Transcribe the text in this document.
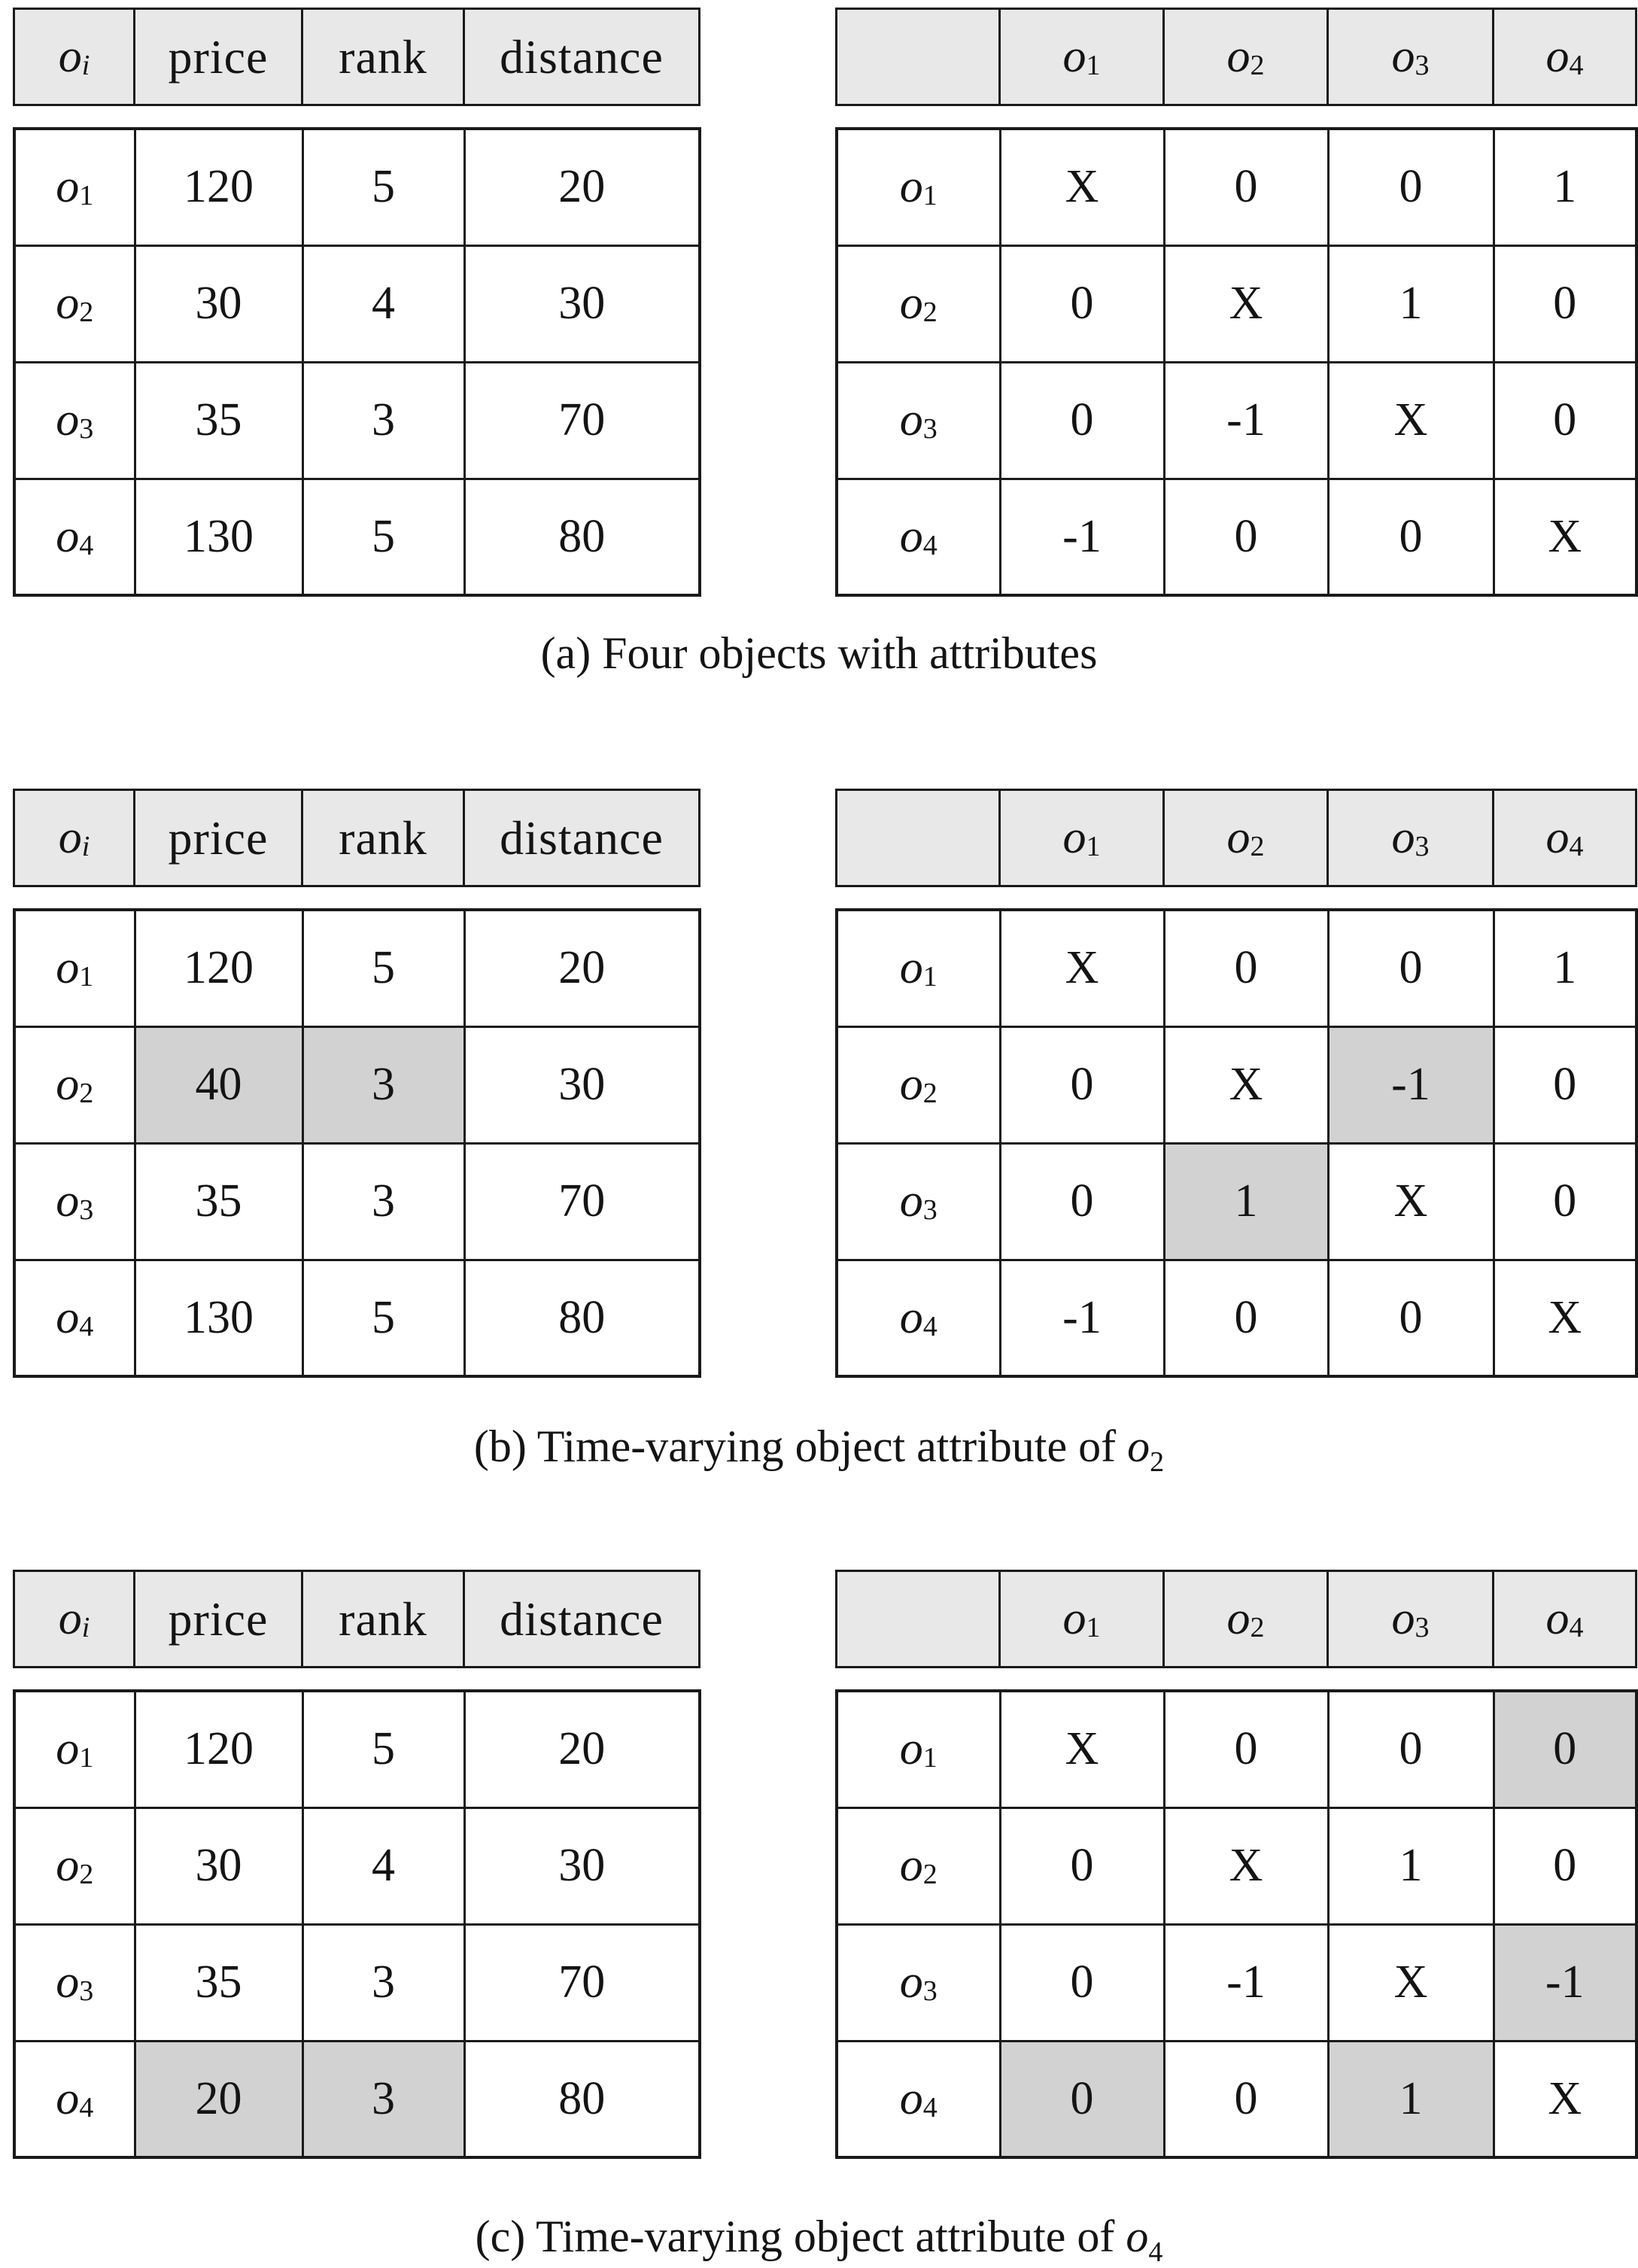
$o_i$	price	rank	distance
$o_1$	120	5	20
$o_2$	30	4	30
$o_3$	35	3	70
$o_4$	130	5	80
	$o_1$	$o_2$	$o_3$	$o_4$
$o_1$	X	0	0	1
$o_2$	0	X	1	0
$o_3$	0	-1	X	0
$o_4$	-1	0	0	X
(a) Four objects with attributes
$o_i$	price	rank	distance
$o_1$	120	5	20
$o_2$	40	3	30
$o_3$	35	3	70
$o_4$	130	5	80
	$o_1$	$o_2$	$o_3$	$o_4$
$o_1$	X	0	0	1
$o_2$	0	X	-1	0
$o_3$	0	1	X	0
$o_4$	-1	0	0	X
(b) Time-varying object attribute of $o_2$
$o_i$	price	rank	distance
$o_1$	120	5	20
$o_2$	30	4	30
$o_3$	35	3	70
$o_4$	20	3	80
	$o_1$	$o_2$	$o_3$	$o_4$
$o_1$	X	0	0	0
$o_2$	0	X	1	0
$o_3$	0	-1	X	-1
$o_4$	0	0	1	X
(c) Time-varying object attribute of $o_4$
